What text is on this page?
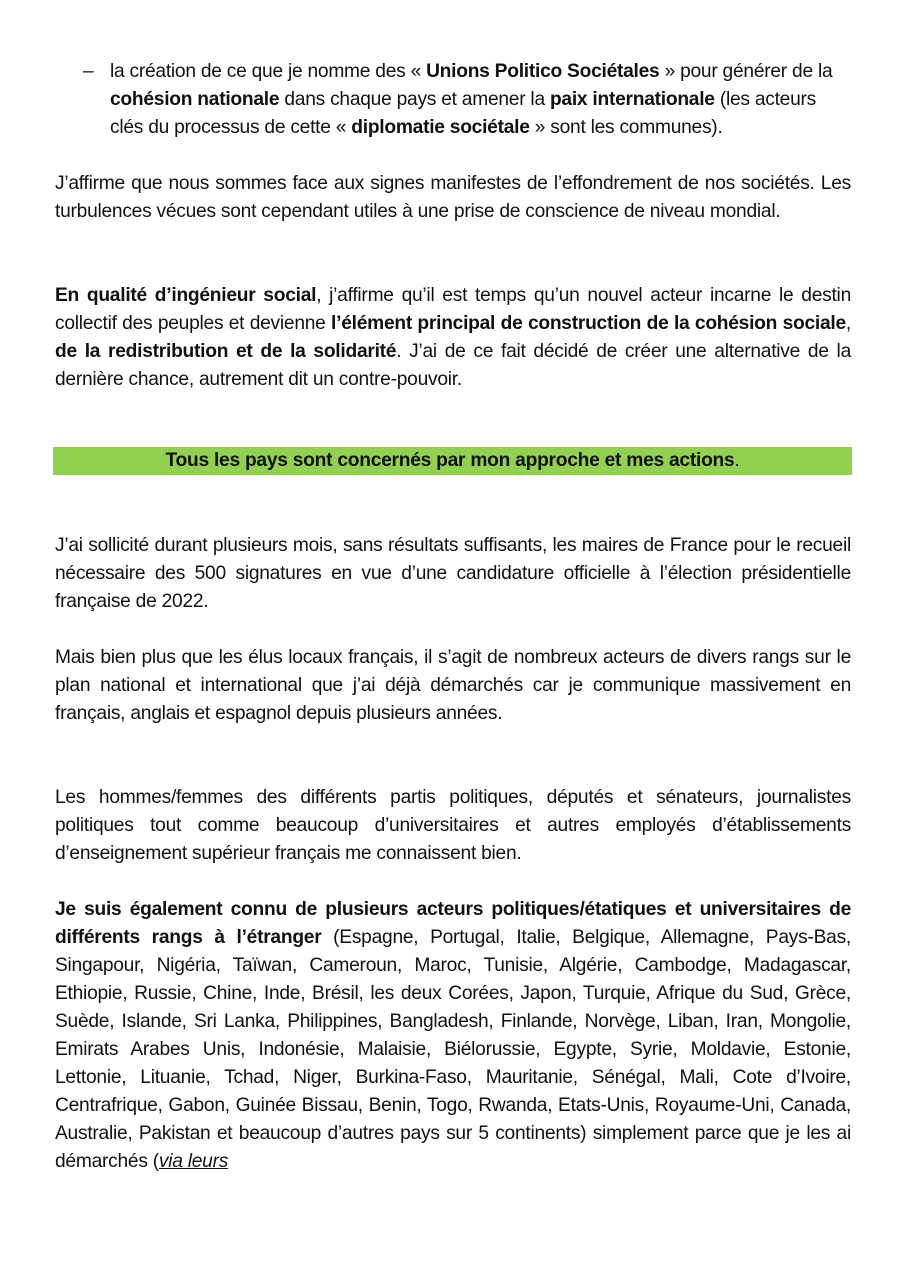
– la création de ce que je nomme des « Unions Politico Sociétales » pour générer de la cohésion nationale dans chaque pays et amener la paix internationale (les acteurs clés du processus de cette « diplomatie sociétale » sont les communes).

J’affirme que nous sommes face aux signes manifestes de l’effondrement de nos sociétés. Les turbulences vécues sont cependant utiles à une prise de conscience de niveau mondial.

En qualité d’ingénieur social, j’affirme qu’il est temps qu’un nouvel acteur incarne le destin collectif des peuples et devienne l’élément principal de construction de la cohésion sociale, de la redistribution et de la solidarité. J’ai de ce fait décidé de créer une alternative de la dernière chance, autrement dit un contre-pouvoir.

Tous les pays sont concernés par mon approche et mes actions.

J’ai sollicité durant plusieurs mois, sans résultats suffisants, les maires de France pour le recueil nécessaire des 500 signatures en vue d’une candidature officielle à l’élection présidentielle française de 2022.

Mais bien plus que les élus locaux français, il s’agit de nombreux acteurs de divers rangs sur le plan national et international que j’ai déjà démarchés car je communique massivement en français, anglais et espagnol depuis plusieurs années.

Les hommes/femmes des différents partis politiques, députés et sénateurs, journalistes politiques tout comme beaucoup d’universitaires et autres employés d’établissements d’enseignement supérieur français me connaissent bien.

Je suis également connu de plusieurs acteurs politiques/étatiques et universitaires de différents rangs à l’étranger (Espagne, Portugal, Italie, Belgique, Allemagne, Pays-Bas, Singapour, Nigéria, Taïwan, Cameroun, Maroc, Tunisie, Algérie, Cambodge, Madagascar, Ethiopie, Russie, Chine, Inde, Brésil, les deux Corées, Japon, Turquie, Afrique du Sud, Grèce, Suède, Islande, Sri Lanka, Philippines, Bangladesh, Finlande, Norvège, Liban, Iran, Mongolie, Emirats Arabes Unis, Indonésie, Malaisie, Biélorussie, Egypte, Syrie, Moldavie, Estonie, Lettonie, Lituanie, Tchad, Niger, Burkina-Faso, Mauritanie, Sénégal, Mali, Cote d’Ivoire, Centrafrique, Gabon, Guinée Bissau, Benin, Togo, Rwanda, Etats-Unis, Royaume-Uni, Canada, Australie, Pakistan et beaucoup d’autres pays sur 5 continents) simplement parce que je les ai démarchés (via leurs
